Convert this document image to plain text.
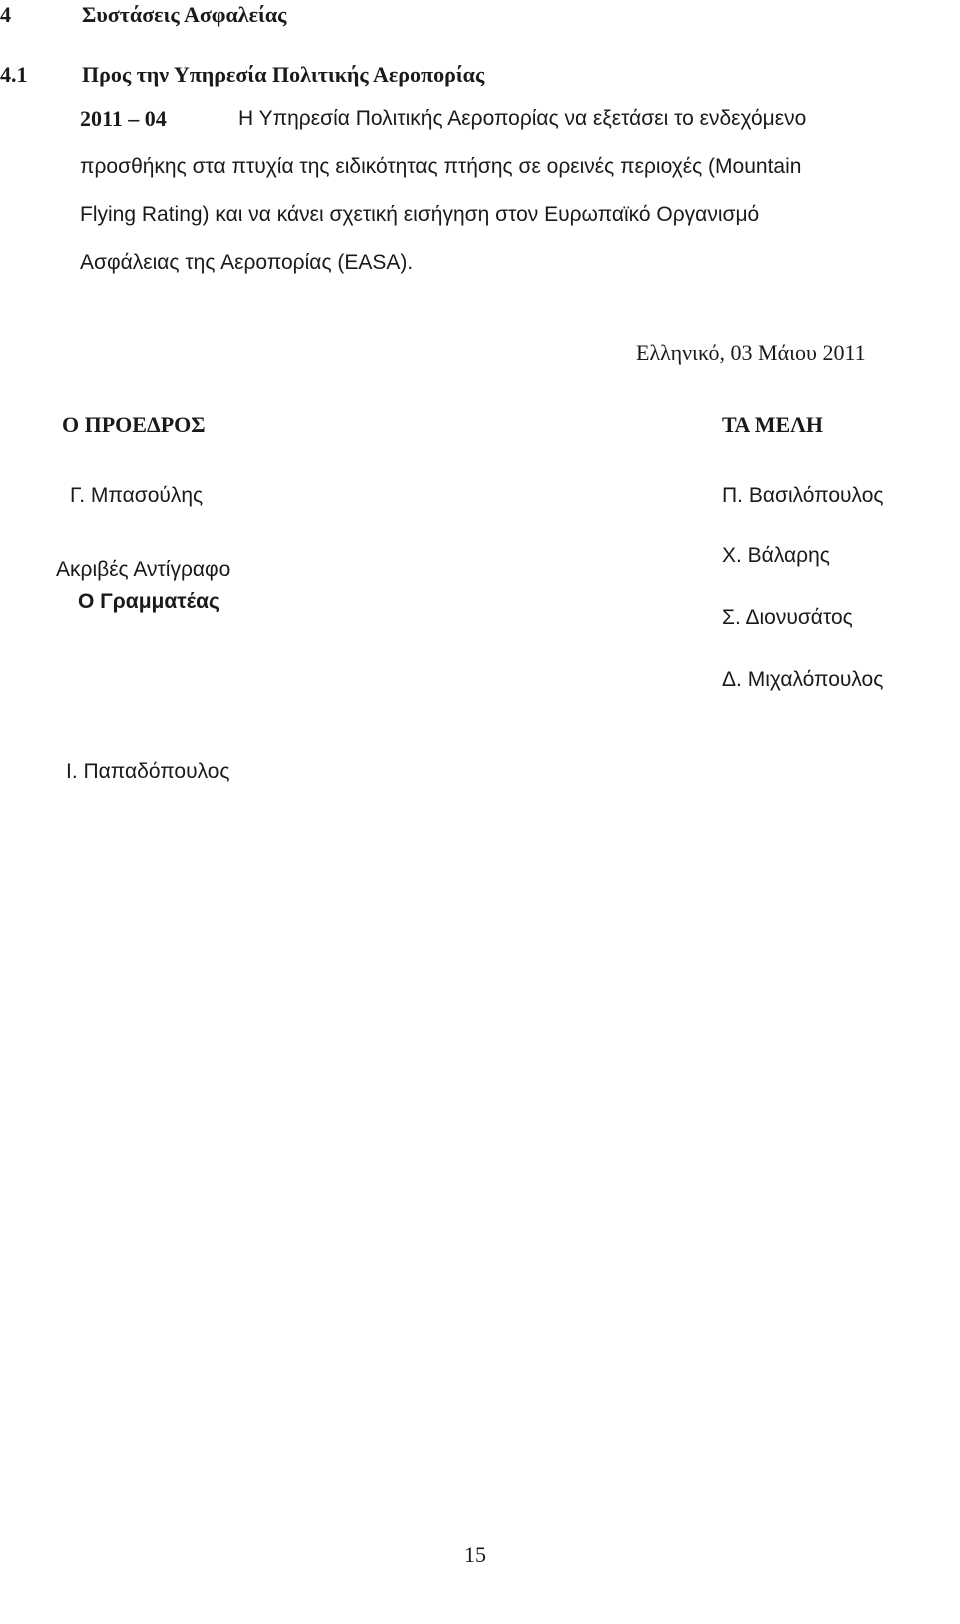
4	Συστάσεις Ασφαλείας
4.1 Προς την Υπηρεσία Πολιτικής Αεροπορίας
2011 – 04	Η Υπηρεσία Πολιτικής Αεροπορίας να εξετάσει το ενδεχόμενο
προσθήκης στα πτυχία της ειδικότητας πτήσης σε ορεινές περιοχές (Mountain
Flying Rating) και να κάνει σχετική εισήγηση στον Ευρωπαϊκό Οργανισμό
Ασφάλειας της Αεροπορίας (EASA).
Ελληνικό, 03 Μάιου 2011
Ο ΠΡΟΕΔΡΟΣ
Γ. Μπασούλης
Ακριβές Αντίγραφο
Ο Γραμματέας
Ι. Παπαδόπουλος
ΤΑ ΜΕΛΗ
Π. Βασιλόπουλος
Χ. Βάλαρης
Σ. Διονυσάτος
Δ. Μιχαλόπουλος
15
